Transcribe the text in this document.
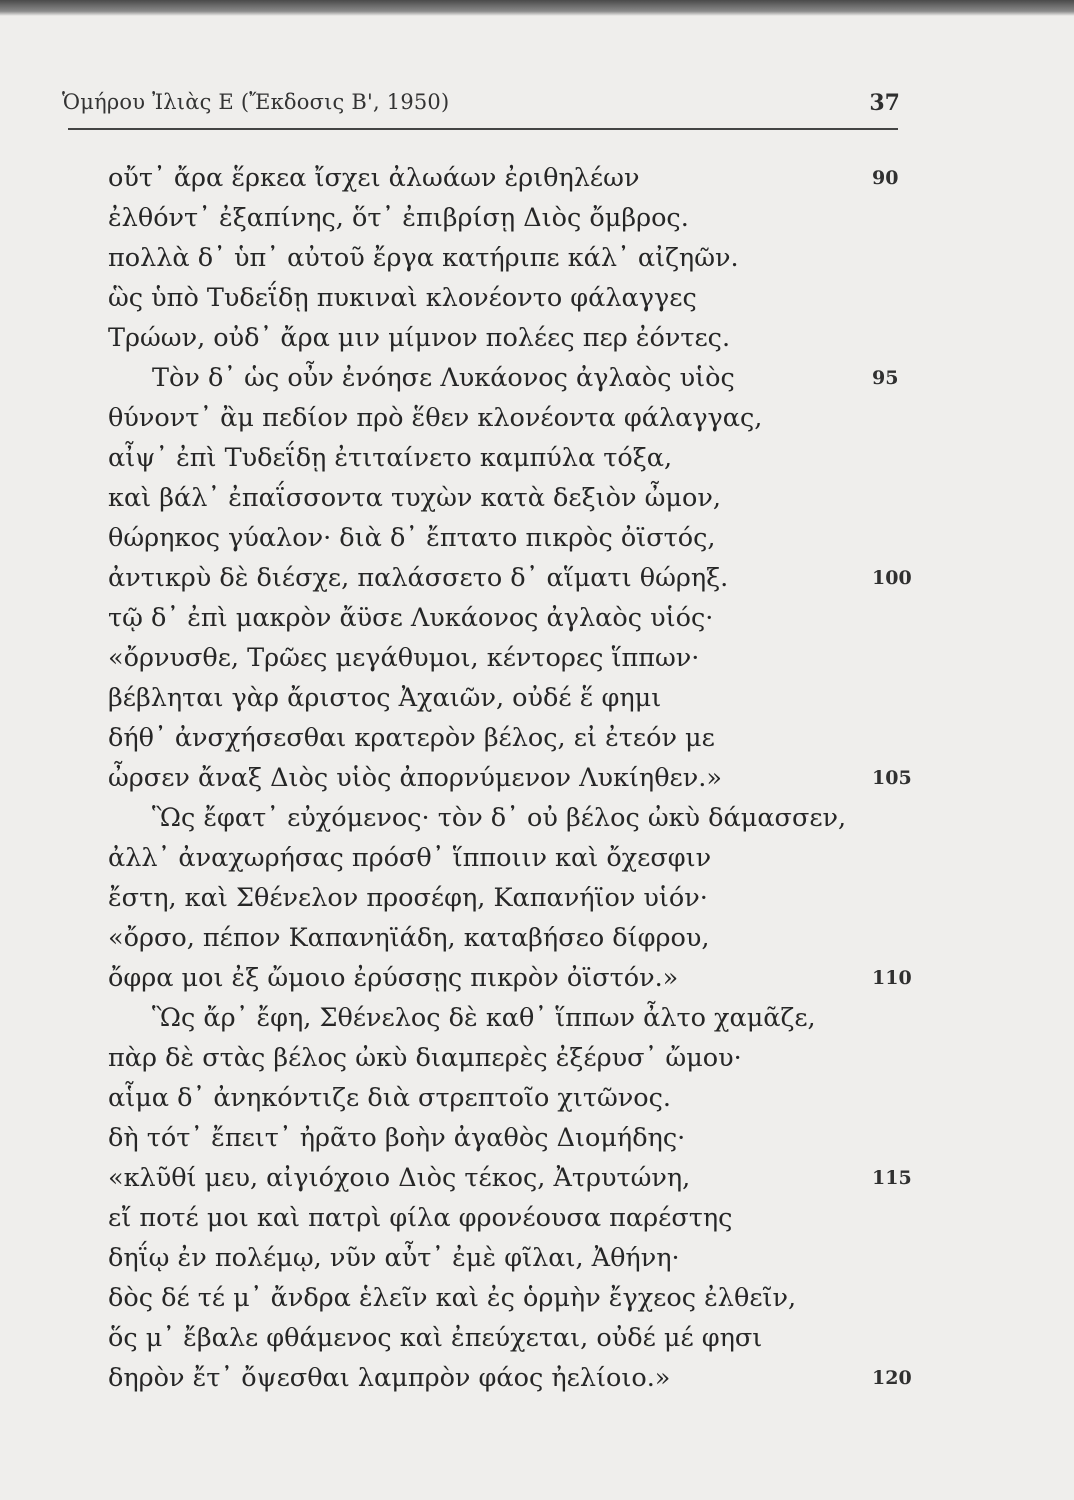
Ὁμήρου Ἰλιὰς Ε (Ἔκδοσις Β', 1950)	37
οὔτ᾽ ἄρα ἕρκεα ἴσχει ἀλωάων ἐριθηλέων	90
ἐλθόντ᾽ ἐξαπίνης, ὅτ᾽ ἐπιβρίσῃ Διὸς ὄμβρος.
πολλὰ δ᾽ ὑπ᾽ αὐτοῦ ἔργα κατήριπε κάλ᾽ αἰζηῶν.
ὣς ὑπὸ Τυδεΐδῃ πυκιναὶ κλονέοντο φάλαγγες
Τρώων, οὐδ᾽ ἄρα μιν μίμνον πολέες περ ἐόντες.
Τὸν δ᾽ ὡς οὖν ἐνόησε Λυκάονος ἀγλαὸς υἱὸς	95
θύνοντ᾽ ἂμ πεδίον πρὸ ἕθεν κλονέοντα φάλαγγας,
αἶψ᾽ ἐπὶ Τυδεΐδῃ ἐτιταίνετο καμπύλα τόξα,
καὶ βάλ᾽ ἐπαΐσσοντα τυχὼν κατὰ δεξιὸν ὦμον,
θώρηκος γύαλον· διὰ δ᾽ ἔπτατο πικρὸς ὀϊστός,
ἀντικρὺ δὲ διέσχε, παλάσσετο δ᾽ αἵματι θώρηξ.	100
τῷ δ᾽ ἐπὶ μακρὸν ἄϋσε Λυκάονος ἀγλαὸς υἱός·
«ὄρνυσθε, Τρῶες μεγάθυμοι, κέντορες ἵππων·
βέβληται γὰρ ἄριστος Ἀχαιῶν, οὐδέ ἕ φημι
δήθ᾽ ἀνσχήσεσθαι κρατερὸν βέλος, εἰ ἐτεόν με
ὦρσεν ἄναξ Διὸς υἱὸς ἀπορνύμενον Λυκίηθεν.»	105
Ὣς ἔφατ᾽ εὐχόμενος· τὸν δ᾽ οὐ βέλος ὠκὺ δάμασσεν,
ἀλλ᾽ ἀναχωρήσας πρόσθ᾽ ἵπποιιν καὶ ὄχεσφιν
ἔστη, καὶ Σθένελον προσέφη, Καπανήϊον υἱόν·
«ὄρσο, πέπον Καπανηϊάδη, καταβήσεο δίφρου,
ὄφρα μοι ἐξ ὤμοιο ἐρύσσῃς πικρὸν ὀϊστόν.»	110
Ὣς ἄρ᾽ ἔφη, Σθένελος δὲ καθ᾽ ἵππων ἆλτο χαμᾶζε,
πὰρ δὲ στὰς βέλος ὠκὺ διαμπερὲς ἐξέρυσ᾽ ὤμου·
αἷμα δ᾽ ἀνηκόντιζε διὰ στρεπτοῖο χιτῶνος.
δὴ τότ᾽ ἔπειτ᾽ ἠρᾶτο βοὴν ἀγαθὸς Διομήδης·
«κλῦθί μευ, αἰγιόχοιο Διὸς τέκος, Ἀτρυτώνη,	115
εἴ ποτέ μοι καὶ πατρὶ φίλα φρονέουσα παρέστης
δηΐῳ ἐν πολέμῳ, νῦν αὖτ᾽ ἐμὲ φῖλαι, Ἀθήνη·
δὸς δέ τέ μ᾽ ἄνδρα ἑλεῖν καὶ ἐς ὁρμὴν ἔγχεος ἐλθεῖν,
ὅς μ᾽ ἔβαλε φθάμενος καὶ ἐπεύχεται, οὐδέ μέ φησι
δηρὸν ἔτ᾽ ὄψεσθαι λαμπρὸν φάος ἠελίοιο.»	120
